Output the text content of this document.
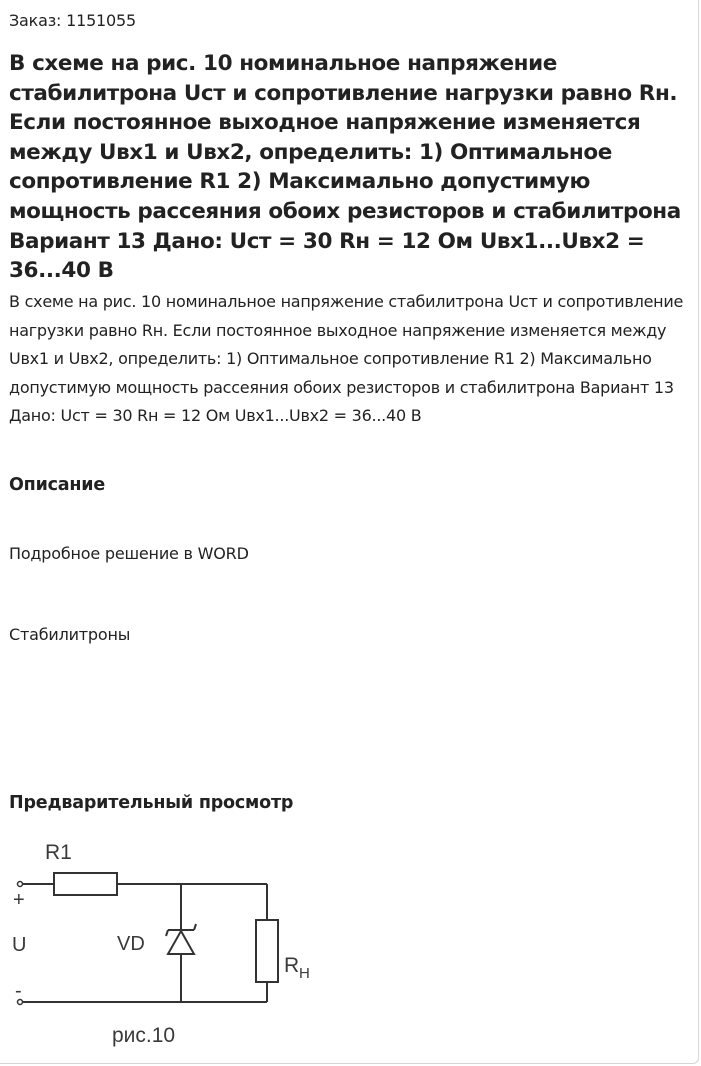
Заказ: 1151055
В схеме на рис. 10 номинальное напряжение стабилитрона Uст и сопротивление нагрузки равно Rн. Если постоянное выходное напряжение изменяется между Uвх1 и Uвх2, определить: 1) Оптимальное сопротивление R1 2) Максимально допустимую мощность рассеяния обоих резисторов и стабилитрона Вариант 13 Дано: Uст = 30 Rн = 12 Ом Uвх1...Uвх2 = 36...40 В
В схеме на рис. 10 номинальное напряжение стабилитрона Uст и сопротивление нагрузки равно Rн. Если постоянное выходное напряжение изменяется между Uвх1 и Uвх2, определить: 1) Оптимальное сопротивление R1 2) Максимально допустимую мощность рассеяния обоих резисторов и стабилитрона Вариант 13 Дано: Uст = 30 Rн = 12 Ом Uвх1...Uвх2 = 36...40 В
Описание
Подробное решение в WORD
Стабилитроны
Предварительный просмотр
R1
+
U
-
VD
R Н
рис.10
